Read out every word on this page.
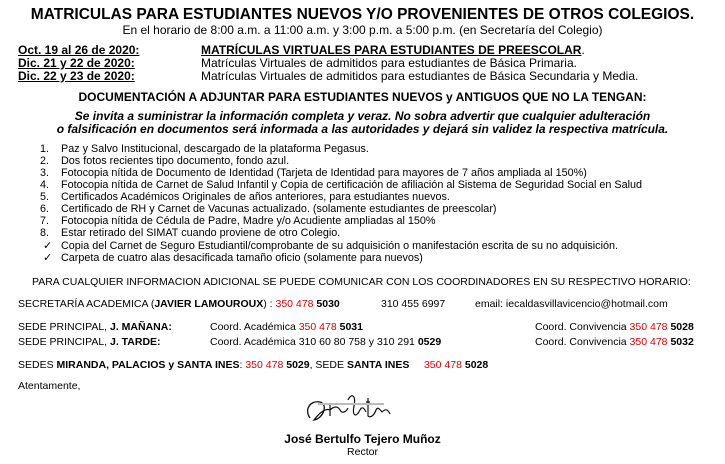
MATRICULAS PARA ESTUDIANTES NUEVOS Y/O PROVENIENTES DE OTROS COLEGIOS.
En el horario de 8:00 a.m. a 11:00 a.m. y 3:00 p.m. a 5:00 p.m. (en Secretaría del Colegio)
Oct. 19 al 26 de 2020:	MATRÍCULAS VIRTUALES PARA ESTUDIANTES DE PREESCOLAR.
Dic. 21 y 22 de 2020:	Matrículas Virtuales de admitidos para estudiantes de Básica Primaria.
Dic. 22 y 23 de 2020:	Matrículas Virtuales de admitidos para estudiantes de Básica Secundaria y Media.
DOCUMENTACIÓN A ADJUNTAR PARA ESTUDIANTES NUEVOS y ANTIGUOS QUE NO LA TENGAN:
Se invita a suministrar la información completa y veraz. No sobra advertir que cualquier adulteración
o falsificación en documentos será informada a las autoridades y dejará sin validez la respectiva matrícula.
1. Paz y Salvo Institucional, descargado de la plataforma Pegasus.
2. Dos fotos recientes tipo documento, fondo azul.
3. Fotocopia nítida de Documento de Identidad (Tarjeta de Identidad para mayores de 7 años ampliada al 150%)
4. Fotocopia nítida de Carnet de Salud Infantil y Copia de certificación de afiliación al Sistema de Seguridad Social en Salud
5. Certificados Académicos Originales de años anteriores, para estudiantes nuevos.
6. Certificado de RH y Carnet de Vacunas actualizado. (solamente estudiantes de preescolar)
7. Fotocopia nítida de Cédula de Padre, Madre y/o Acudiente ampliadas al 150%
8. Estar retirado del SIMAT cuando proviene de otro Colegio.
✓ Copia del Carnet de Seguro Estudiantil/comprobante de su adquisición o manifestación escrita de su no adquisición.
✓ Carpeta de cuatro alas desacificada tamaño oficio (solamente para nuevos)
PARA CUALQUIER INFORMACION ADICIONAL SE PUEDE COMUNICAR CON LOS COORDINADORES EN SU RESPECTIVO HORARIO:
SECRETARÍA ACADEMICA (JAVIER LAMOUROUX) : 350 478 5030	310 455 6997	email: iecaldasvillavicencio@hotmail.com
SEDE PRINCIPAL, J. MAÑANA:	Coord. Académica 350 478 5031	Coord. Convivencia 350 478 5028
SEDE PRINCIPAL, J. TARDE:	Coord. Académica 310 60 80 758 y 310 291 0529	Coord. Convivencia 350 478 5032
SEDES MIRANDA, PALACIOS y SANTA INES: 350 478 5029, SEDE SANTA INES 350 478 5028
Atentamente,
José Bertulfo Tejero Muñoz
Rector
